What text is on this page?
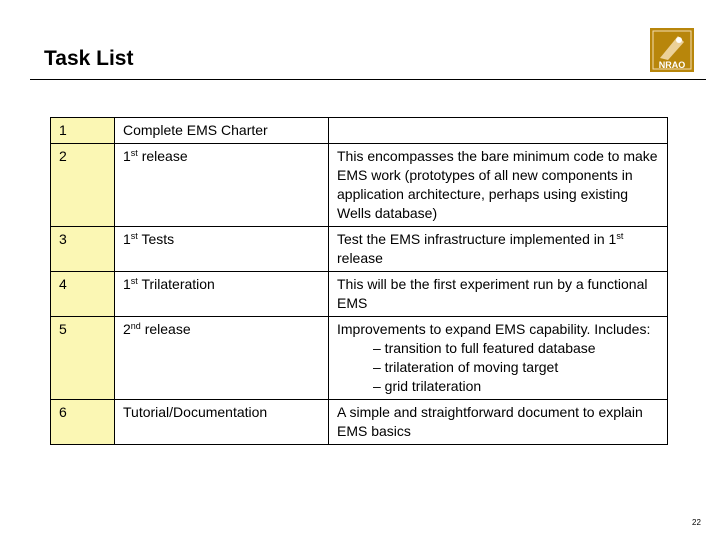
Task List	NRAO
1	Complete EMS Charter	
2	1st release	This encompasses the bare minimum code to make EMS work (prototypes of all new components in application architecture, perhaps using existing Wells database)
3	1st Tests	Test the EMS infrastructure implemented in 1st release
4	1st Trilateration	This will be the first experiment run by a functional EMS
5	2nd release	Improvements to expand EMS capability. Includes:
– transition to full featured database
– trilateration of moving target
– grid trilateration

6	Tutorial/Documentation	A simple and straightforward document to explain EMS basics
22
